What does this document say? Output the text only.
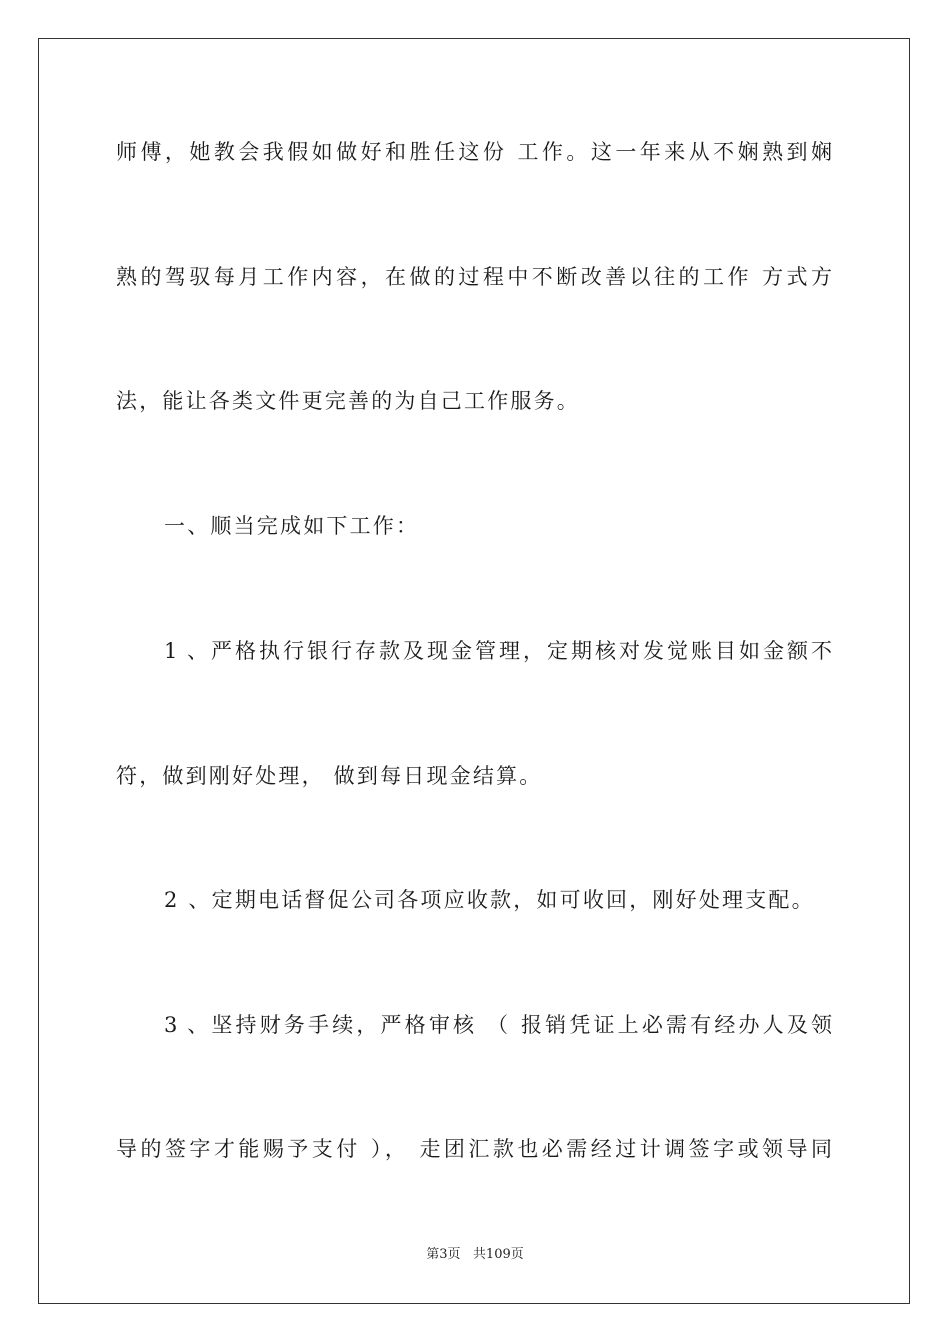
师傅，她教会我假如做好和胜任这份 工作。这一年来从不娴熟到娴
熟的驾驭每月工作内容，在做的过程中不断改善以往的工作 方式方
法，能让各类文件更完善的为自己工作服务。
一、顺当完成如下工作：
1 、严格执行银行存款及现金管理，定期核对发觉账目如金额不
符，做到刚好处理， 做到每日现金结算。
2 、定期电话督促公司各项应收款，如可收回，刚好处理支配。
3 、坚持财务手续，严格审核 （ 报销凭证上必需有经办人及领
导的签字才能赐予支付 ）， 走团汇款也必需经过计调签字或领导同
第3页 共109页
